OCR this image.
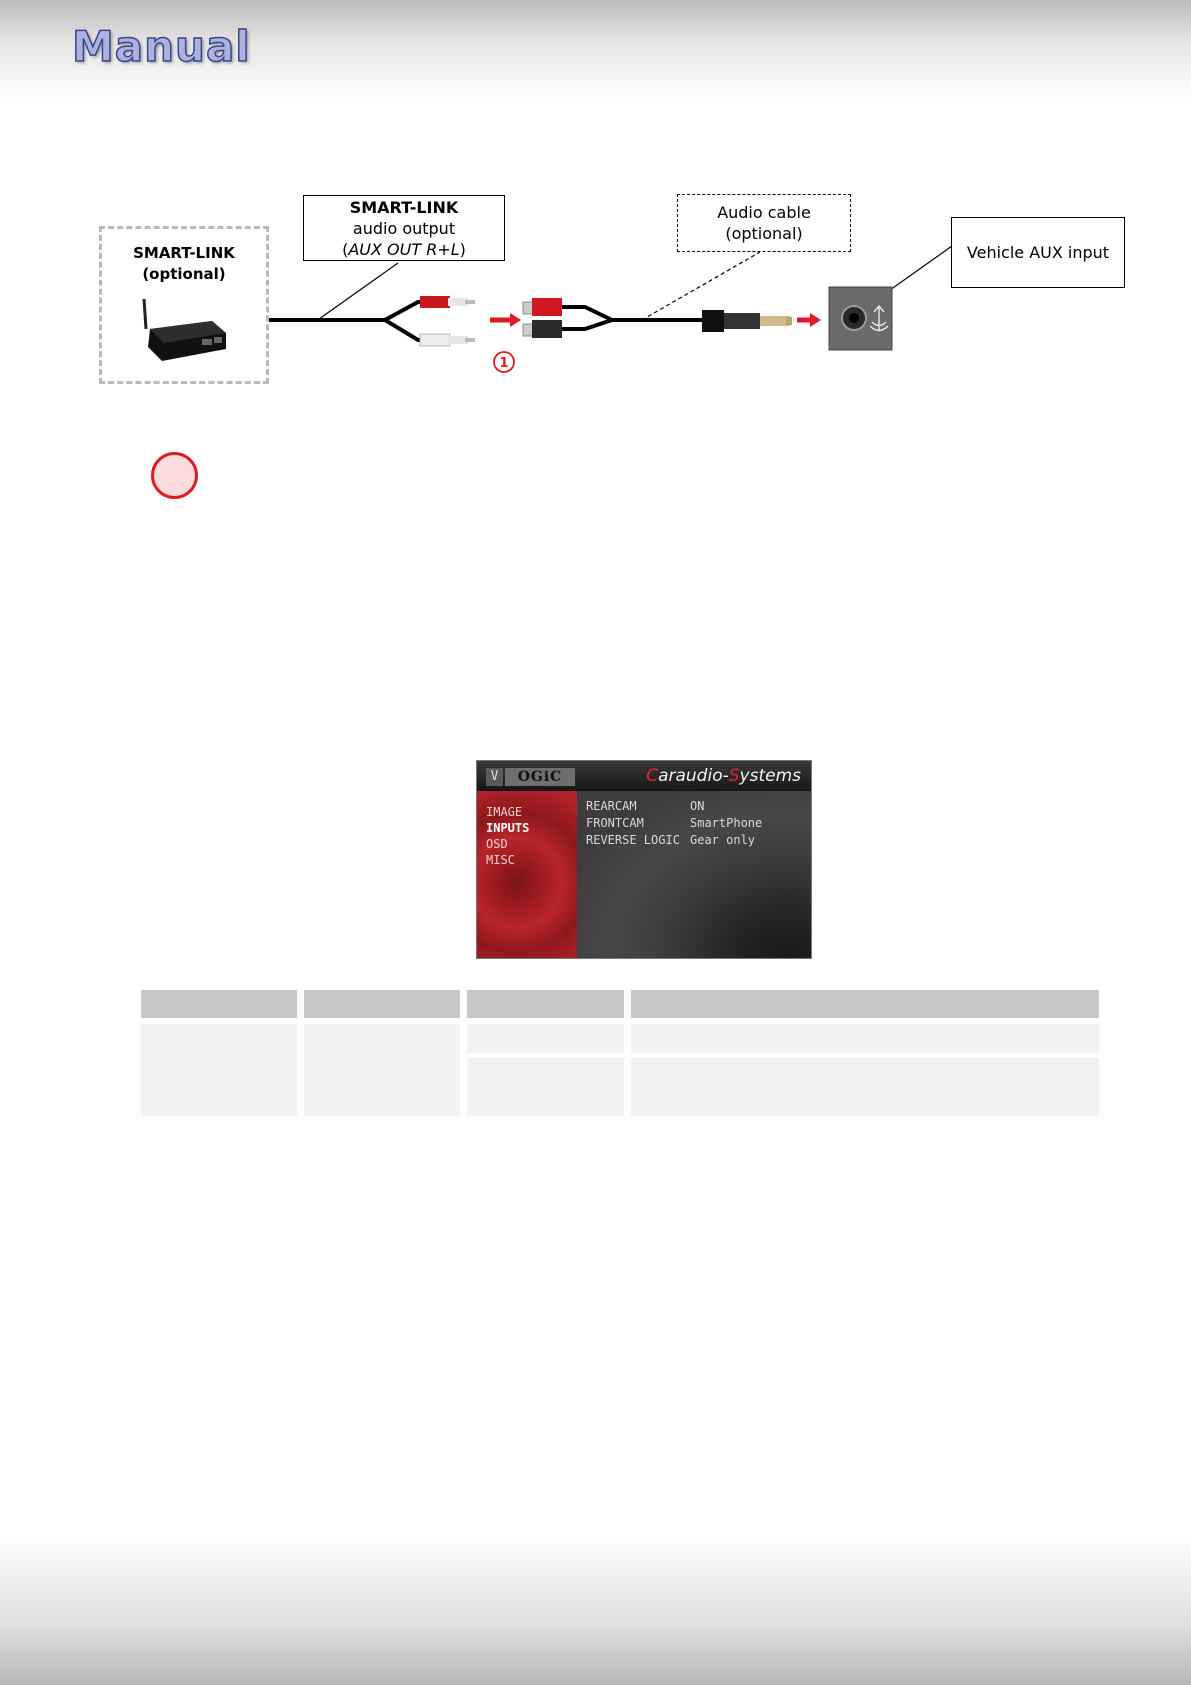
Manual
1
SMART-LINK
(optional)
SMART-LINK
audio output
(AUX OUT R+L)
Audio cable
(optional)
Vehicle AUX input
V	OGiC	Caraudio-Systems
IMAGE
INPUTS
OSD
MISC
REARCAM	ON
FRONTCAM	SmartPhone
REVERSE LOGIC Gear only
